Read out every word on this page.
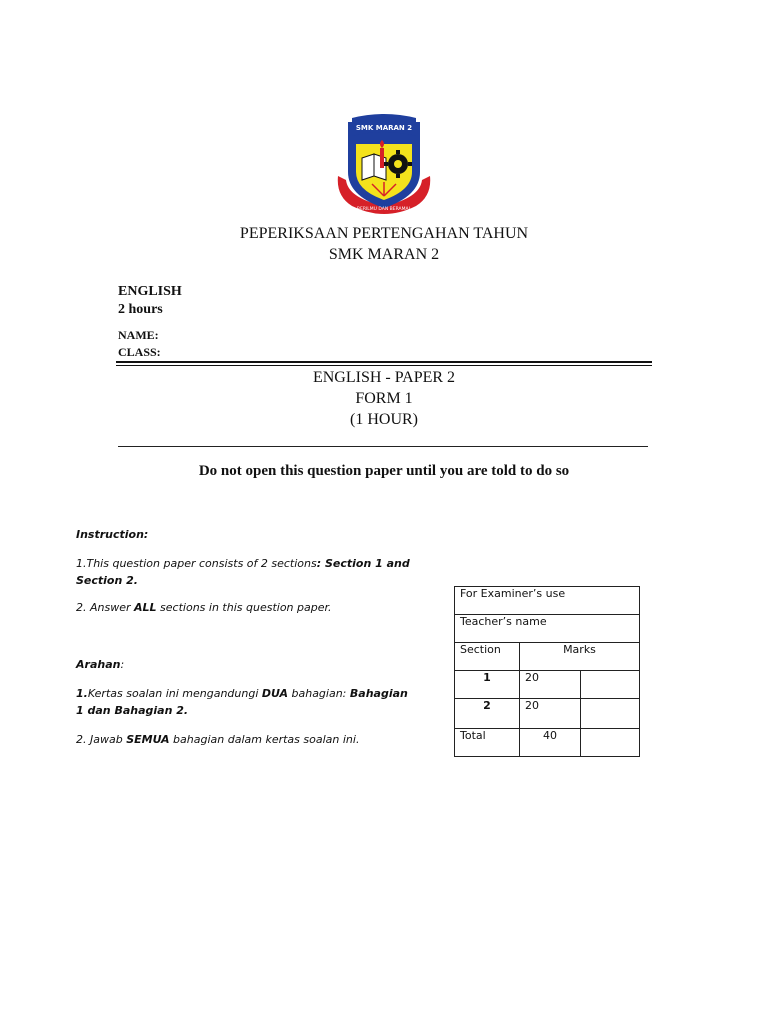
SMK MARAN 2
BERILMU DAN BERAMAL
PEPERIKSAAN PERTENGAHAN TAHUN
SMK MARAN 2
ENGLISH
2 hours
NAME:
CLASS:
ENGLISH - PAPER 2
FORM 1
(1 HOUR)
Do not open this question paper until you are told to do so
Instruction:
1.This question paper consists of 2 sections: Section 1 and Section 2.
2. Answer ALL sections in this question paper.
Arahan:
1.Kertas soalan ini mengandungi DUA bahagian: Bahagian 1 dan Bahagian 2.
2. Jawab SEMUA bahagian dalam kertas soalan ini.
For Examiner’s use		
Teacher’s name		
Section	Marks	
1	20	
2	20	
Total	40	
